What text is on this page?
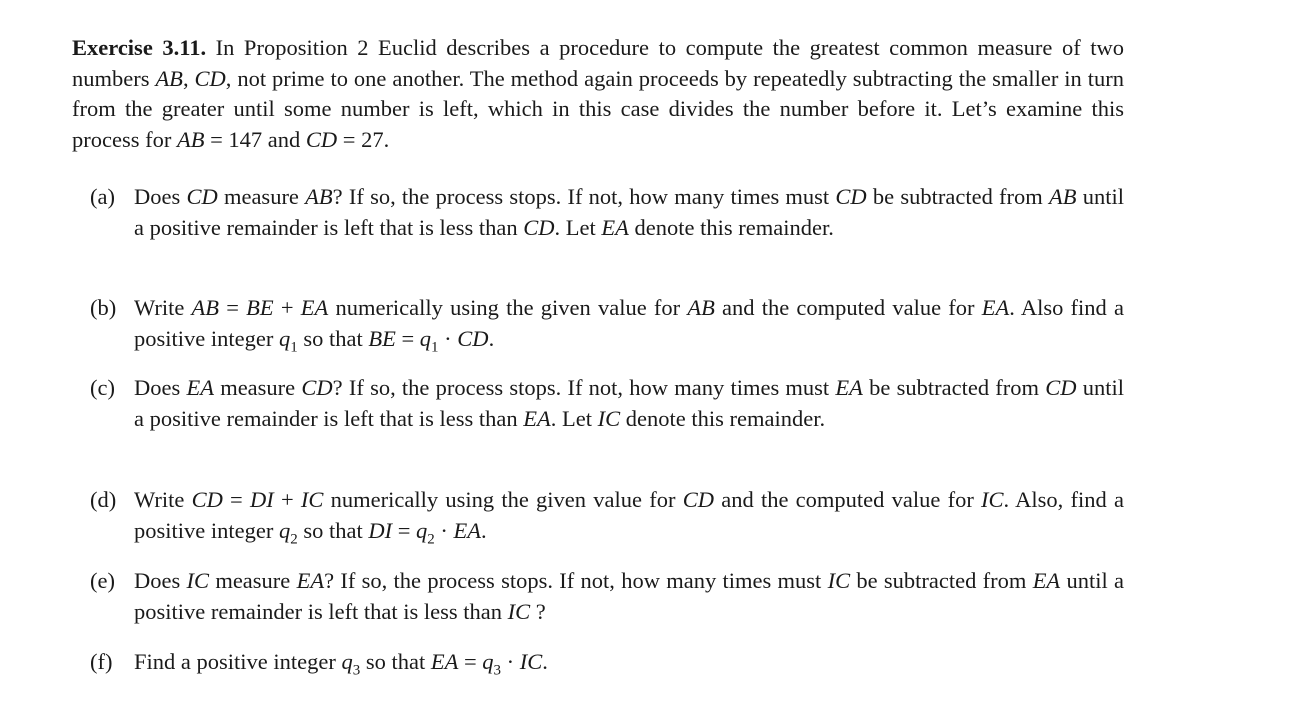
Exercise 3.11. In Proposition 2 Euclid describes a procedure to compute the greatest common measure of two numbers AB, CD, not prime to one another. The method again proceeds by repeatedly subtracting the smaller in turn from the greater until some number is left, which in this case divides the number before it. Let’s examine this process for AB = 147 and CD = 27.

(a) Does CD measure AB? If so, the process stops. If not, how many times must CD be subtracted from AB until a positive remainder is left that is less than CD. Let EA denote this remainder.
(b) Write AB = BE + EA numerically using the given value for AB and the computed value for EA. Also find a positive integer $q_1$ so that BE = $q_1$ · CD.
(c) Does EA measure CD? If so, the process stops. If not, how many times must EA be subtracted from CD until a positive remainder is left that is less than EA. Let IC denote this remainder.
(d) Write CD = DI + IC numerically using the given value for CD and the computed value for IC. Also, find a positive integer $q_2$ so that DI = $q_2$ · EA.
(e) Does IC measure EA? If so, the process stops. If not, how many times must IC be subtracted from EA until a positive remainder is left that is less than IC ?
(f) Find a positive integer $q_3$ so that EA = $q_3$ · IC.
